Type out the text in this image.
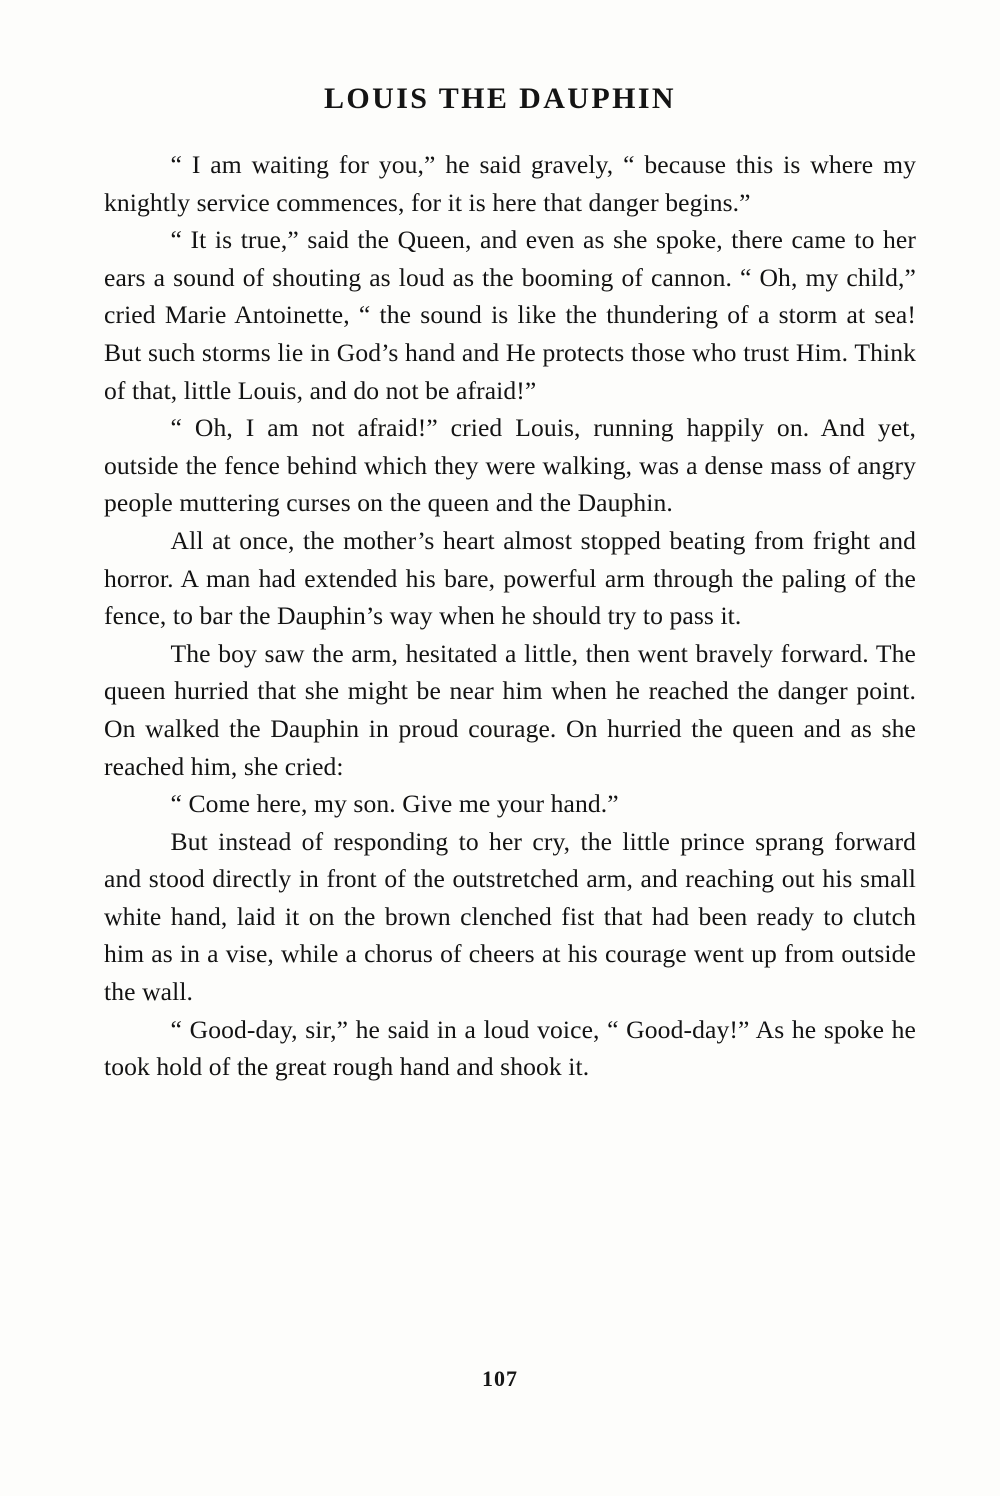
LOUIS THE DAUPHIN

“ I am waiting for you,” he said gravely, “ because this is where my knightly service commences, for it is here that danger begins.”

“ It is true,” said the Queen, and even as she spoke, there came to her ears a sound of shouting as loud as the booming of cannon. “ Oh, my child,” cried Marie Antoinette, “ the sound is like the thundering of a storm at sea! But such storms lie in God’s hand and He protects those who trust Him. Think of that, little Louis, and do not be afraid!”

“ Oh, I am not afraid!” cried Louis, running happily on. And yet, outside the fence behind which they were walking, was a dense mass of angry people muttering curses on the queen and the Dauphin.

All at once, the mother’s heart almost stopped beating from fright and horror. A man had extended his bare, powerful arm through the paling of the fence, to bar the Dauphin’s way when he should try to pass it.

The boy saw the arm, hesitated a little, then went bravely forward. The queen hurried that she might be near him when he reached the danger point. On walked the Dauphin in proud courage. On hurried the queen and as she reached him, she cried:

“ Come here, my son. Give me your hand.”

But instead of responding to her cry, the little prince sprang forward and stood directly in front of the outstretched arm, and reaching out his small white hand, laid it on the brown clenched fist that had been ready to clutch him as in a vise, while a chorus of cheers at his courage went up from outside the wall.

“ Good-day, sir,” he said in a loud voice, “ Good-day!” As he spoke he took hold of the great rough hand and shook it.

107
